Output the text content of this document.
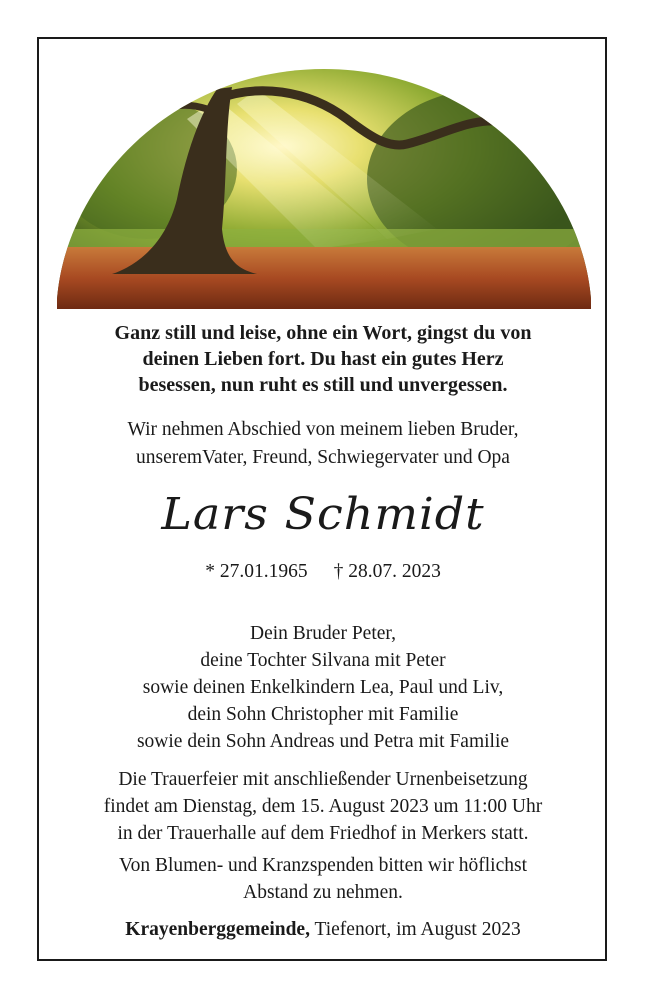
Ganz still und leise, ohne ein Wort, gingst du von
deinen Lieben fort. Du hast ein gutes Herz
besessen, nun ruht es still und unvergessen.
Wir nehmen Abschied von meinem lieben Bruder,
unseremVater, Freund, Schwiegervater und Opa
Lars Schmidt
* 27.01.1965 † 28.07. 2023
Dein Bruder Peter,
deine Tochter Silvana mit Peter
sowie deinen Enkelkindern Lea, Paul und Liv,
dein Sohn Christopher mit Familie
sowie dein Sohn Andreas und Petra mit Familie
Die Trauerfeier mit anschließender Urnenbeisetzung
findet am Dienstag, dem 15. August 2023 um 11:00 Uhr
in der Trauerhalle auf dem Friedhof in Merkers statt.
Von Blumen- und Kranzspenden bitten wir höflichst
Abstand zu nehmen.
Krayenberggemeinde, Tiefenort, im August 2023
